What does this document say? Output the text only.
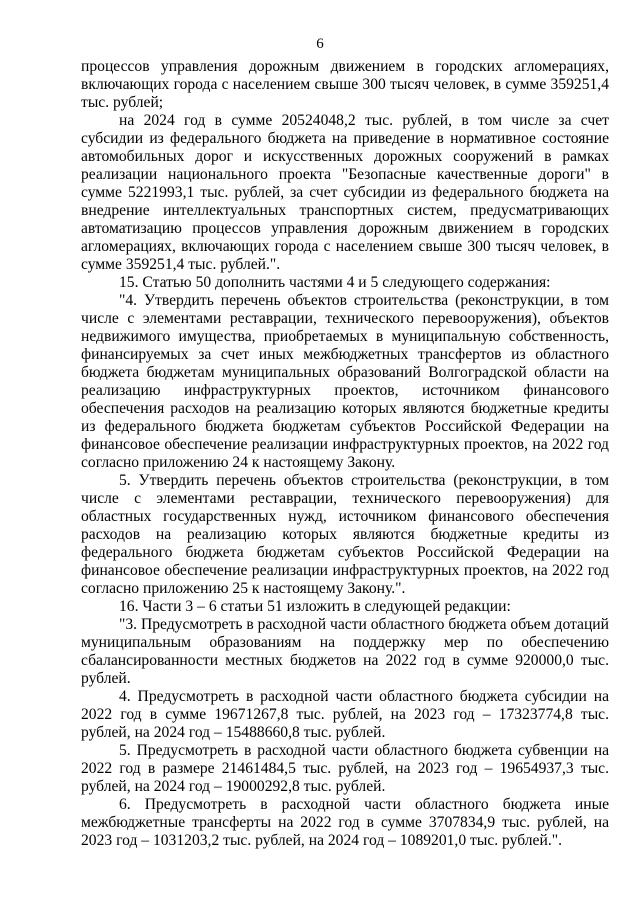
6

процессов управления дорожным движением в городских агломерациях, включающих города с населением свыше 300 тысяч человек, в сумме 359251,4 тыс. рублей;

на 2024 год в сумме 20524048,2 тыс. рублей, в том числе за счет субсидии из федерального бюджета на приведение в нормативное состояние автомобильных дорог и искусственных дорожных сооружений в рамках реализации национального проекта "Безопасные качественные дороги" в сумме 5221993,1 тыс. рублей, за счет субсидии из федерального бюджета на внедрение интеллектуальных транспортных систем, предусматривающих автоматизацию процессов управления дорожным движением в городских агломерациях, включающих города с населением свыше 300 тысяч человек, в сумме 359251,4 тыс. рублей.".

15. Статью 50 дополнить частями 4 и 5 следующего содержания:

"4. Утвердить перечень объектов строительства (реконструкции, в том числе с элементами реставрации, технического перевооружения), объектов недвижимого имущества, приобретаемых в муниципальную собственность, финансируемых за счет иных межбюджетных трансфертов из областного бюджета бюджетам муниципальных образований Волгоградской области на реализацию инфраструктурных проектов, источником финансового обеспечения расходов на реализацию которых являются бюджетные кредиты из федерального бюджета бюджетам субъектов Российской Федерации на финансовое обеспечение реализации инфраструктурных проектов, на 2022 год согласно приложению 24 к настоящему Закону.

5. Утвердить перечень объектов строительства (реконструкции, в том числе с элементами реставрации, технического перевооружения) для областных государственных нужд, источником финансового обеспечения расходов на реализацию которых являются бюджетные кредиты из федерального бюджета бюджетам субъектов Российской Федерации на финансовое обеспечение реализации инфраструктурных проектов, на 2022 год согласно приложению 25 к настоящему Закону.".

16. Части 3 – 6 статьи 51 изложить в следующей редакции:

"3. Предусмотреть в расходной части областного бюджета объем дотаций муниципальным образованиям на поддержку мер по обеспечению сбалансированности местных бюджетов на 2022 год в сумме 920000,0 тыс. рублей.

4. Предусмотреть в расходной части областного бюджета субсидии на 2022 год в сумме 19671267,8 тыс. рублей, на 2023 год – 17323774,8 тыс. рублей, на 2024 год – 15488660,8 тыс. рублей.

5. Предусмотреть в расходной части областного бюджета субвенции на 2022 год в размере 21461484,5 тыс. рублей, на 2023 год – 19654937,3 тыс. рублей, на 2024 год – 19000292,8 тыс. рублей.

6. Предусмотреть в расходной части областного бюджета иные межбюджетные трансферты на 2022 год в сумме 3707834,9 тыс. рублей, на 2023 год – 1031203,2 тыс. рублей, на 2024 год – 1089201,0 тыс. рублей.".
